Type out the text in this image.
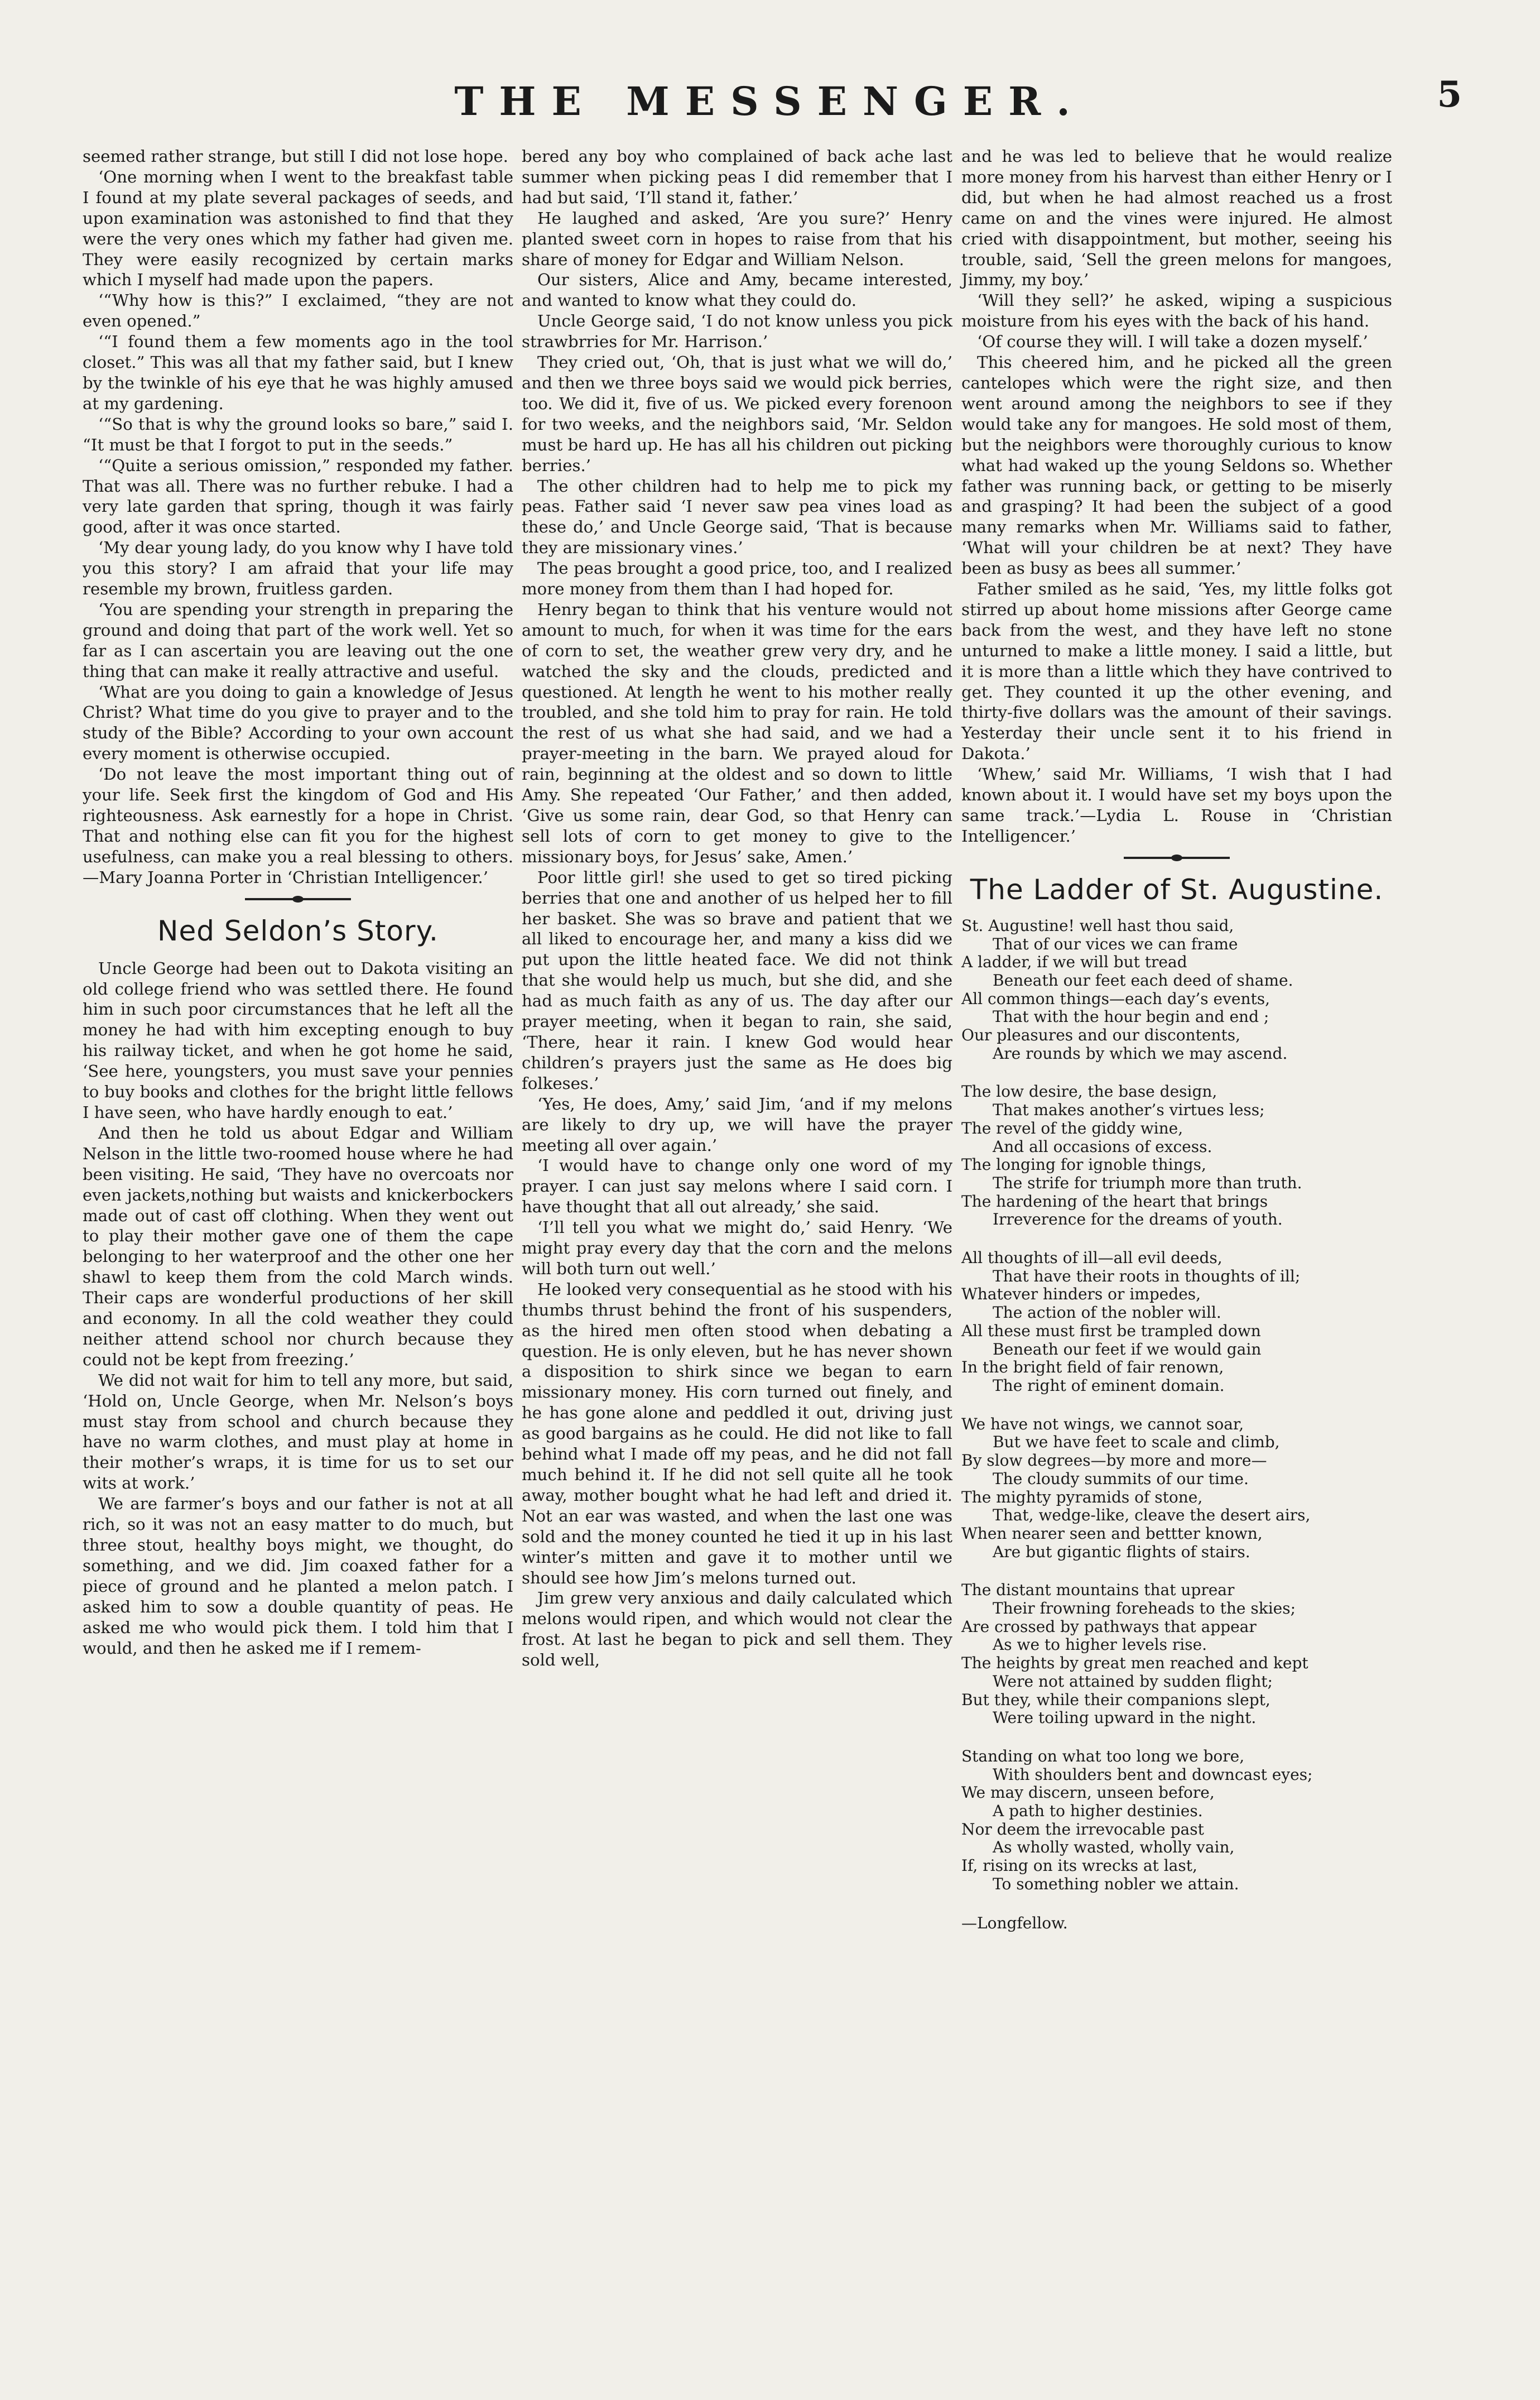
THE MESSENGER.	5

seemed rather strange, but still I did not lose hope.

‘One morning when I went to the breakfast table I found at my plate several packages of seeds, and upon examination was astonished to find that they were the very ones which my father had given me. They were easily recognized by certain marks which I myself had made upon the papers.

‘“Why how is this?” I exclaimed, “they are not even opened.”

‘“I found them a few moments ago in the tool closet.” This was all that my father said, but I knew by the twinkle of his eye that he was highly amused at my gardening.

‘“So that is why the ground looks so bare,” said I. “It must be that I forgot to put in the seeds.”

‘“Quite a serious omission,” responded my father. That was all. There was no further rebuke. I had a very late garden that spring, though it was fairly good, after it was once started.

‘My dear young lady, do you know why I have told you this story? I am afraid that your life may resemble my brown, fruitless garden.

‘You are spending your strength in preparing the ground and doing that part of the work well. Yet so far as I can ascertain you are leaving out the one thing that can make it really attractive and useful.

‘What are you doing to gain a knowledge of Jesus Christ? What time do you give to prayer and to the study of the Bible? According to your own account every moment is otherwise occupied.

‘Do not leave the most important thing out of your life. Seek first the kingdom of God and His righteousness. Ask earnestly for a hope in Christ. That and nothing else can fit you for the highest usefulness, can make you a real blessing to others.—Mary Joanna Porter in ‘Christian Intelligencer.’

Ned Seldon’s Story.

Uncle George had been out to Dakota visiting an old college friend who was settled there. He found him in such poor circumstances that he left all the money he had with him excepting enough to buy his railway ticket, and when he got home he said, ‘See here, youngsters, you must save your pennies to buy books and clothes for the bright little fellows I have seen, who have hardly enough to eat.’

And then he told us about Edgar and William Nelson in the little two-roomed house where he had been visiting. He said, ‘They have no overcoats nor even jackets,nothing but waists and knickerbockers made out of cast off clothing. When they went out to play their mother gave one of them the cape belonging to her waterproof and the other one her shawl to keep them from the cold March winds. Their caps are wonderful productions of her skill and economy. In all the cold weather they could neither attend school nor church because they could not be kept from freezing.’

We did not wait for him to tell any more, but said, ‘Hold on, Uncle George, when Mr. Nelson’s boys must stay from school and church because they have no warm clothes, and must play at home in their mother’s wraps, it is time for us to set our wits at work.’

We are farmer’s boys and our father is not at all rich, so it was not an easy matter to do much, but three stout, healthy boys might, we thought, do something, and we did. Jim coaxed father for a piece of ground and he planted a melon patch. I asked him to sow a double quantity of peas. He asked me who would pick them. I told him that I would, and then he asked me if I remem-

bered any boy who complained of back ache last summer when picking peas I did remember that I had but said, ‘I’ll stand it, father.’

He laughed and asked, ‘Are you sure?’ Henry planted sweet corn in hopes to raise from that his share of money for Edgar and William Nelson.

Our sisters, Alice and Amy, became interested, and wanted to know what they could do.

Uncle George said, ‘I do not know unless you pick strawbrries for Mr. Harrison.’

They cried out, ‘Oh, that is just what we will do,’ and then we three boys said we would pick berries, too. We did it, five of us. We picked every forenoon for two weeks, and the neighbors said, ‘Mr. Seldon must be hard up. He has all his children out picking berries.’

The other children had to help me to pick my peas. Father said ‘I never saw pea vines load as these do,’ and Uncle George said, ‘That is because they are missionary vines.’

The peas brought a good price, too, and I realized more money from them than I had hoped for.

Henry began to think that his venture would not amount to much, for when it was time for the ears of corn to set, the weather grew very dry, and he watched the sky and the clouds, predicted and questioned. At length he went to his mother really troubled, and she told him to pray for rain. He told the rest of us what she had said, and we had a prayer-meeting in the barn. We prayed aloud for rain, beginning at the oldest and so down to little Amy. She repeated ‘Our Father,’ and then added, ‘Give us some rain, dear God, so that Henry can sell lots of corn to get money to give to the missionary boys, for Jesus’ sake, Amen.’

Poor little girl! she used to get so tired picking berries that one and another of us helped her to fill her basket. She was so brave and patient that we all liked to encourage her, and many a kiss did we put upon the little heated face. We did not think that she would help us much, but she did, and she had as much faith as any of us. The day after our prayer meeting, when it began to rain, she said, ‘There, hear it rain. I knew God would hear children’s prayers just the same as He does big folkeses.’

‘Yes, He does, Amy,’ said Jim, ‘and if my melons are likely to dry up, we will have the prayer meeting all over again.’

‘I would have to change only one word of my prayer. I can just say melons where I said corn. I have thought that all out already,’ she said.

‘I’ll tell you what we might do,’ said Henry. ‘We might pray every day that the corn and the melons will both turn out well.’

He looked very consequential as he stood with his thumbs thrust behind the front of his suspenders, as the hired men often stood when debating a question. He is only eleven, but he has never shown a disposition to shirk since we began to earn missionary money. His corn turned out finely, and he has gone alone and peddled it out, driving just as good bargains as he could. He did not like to fall behind what I made off my peas, and he did not fall much behind it. If he did not sell quite all he took away, mother bought what he had left and dried it. Not an ear was wasted, and when the last one was sold and the money counted he tied it up in his last winter’s mitten and gave it to mother until we should see how Jim’s melons turned out.

Jim grew very anxious and daily calculated which melons would ripen, and which would not clear the frost. At last he began to pick and sell them. They sold well,

and he was led to believe that he would realize more money from his harvest than either Henry or I did, but when he had almost reached us a frost came on and the vines were injured. He almost cried with disappointment, but mother, seeing his trouble, said, ‘Sell the green melons for mangoes, Jimmy, my boy.’

‘Will they sell?’ he asked, wiping a suspicious moisture from his eyes with the back of his hand.

‘Of course they will. I will take a dozen myself.’

This cheered him, and he picked all the green cantelopes which were the right size, and then went around among the neighbors to see if they would take any for mangoes. He sold most of them, but the neighbors were thoroughly curious to know what had waked up the young Seldons so. Whether father was running back, or getting to be miserly and grasping? It had been the subject of a good many remarks when Mr. Williams said to father, ‘What will your children be at next? They have been as busy as bees all summer.’

Father smiled as he said, ‘Yes, my little folks got stirred up about home missions after George came back from the west, and they have left no stone unturned to make a little money. I said a little, but it is more than a little which they have contrived to get. They counted it up the other evening, and thirty-five dollars was the amount of their savings. Yesterday their uncle sent it to his friend in Dakota.’

‘Whew,’ said Mr. Williams, ‘I wish that I had known about it. I would have set my boys upon the same track.’—Lydia L. Rouse in ‘Christian Intelligencer.’

The Ladder of St. Augustine.
St. Augustine! well hast thou said,
That of our vices we can frame
A ladder, if we will but tread
Beneath our feet each deed of shame.
All common things—each day’s events,
That with the hour begin and end ;
Our pleasures and our discontents,
Are rounds by which we may ascend.
The low desire, the base design,
That makes another’s virtues less;
The revel of the giddy wine,
And all occasions of excess.
The longing for ignoble things,
The strife for triumph more than truth.
The hardening of the heart that brings
Irreverence for the dreams of youth.
All thoughts of ill—all evil deeds,
That have their roots in thoughts of ill;
Whatever hinders or impedes,
The action of the nobler will.
All these must first be trampled down
Beneath our feet if we would gain
In the bright field of fair renown,
The right of eminent domain.
We have not wings, we cannot soar,
But we have feet to scale and climb,
By slow degrees—by more and more—
The cloudy summits of our time.
The mighty pyramids of stone,
That, wedge-like, cleave the desert airs,
When nearer seen and bettter known,
Are but gigantic flights of stairs.
The distant mountains that uprear
Their frowning foreheads to the skies;
Are crossed by pathways that appear
As we to higher levels rise.
The heights by great men reached and kept
Were not attained by sudden flight;
But they, while their companions slept,
Were toiling upward in the night.
Standing on what too long we bore,
With shoulders bent and downcast eyes;
We may discern, unseen before,
A path to higher destinies.
Nor deem the irrevocable past
As wholly wasted, wholly vain,
If, rising on its wrecks at last,
To something nobler we attain.
—Longfellow.
